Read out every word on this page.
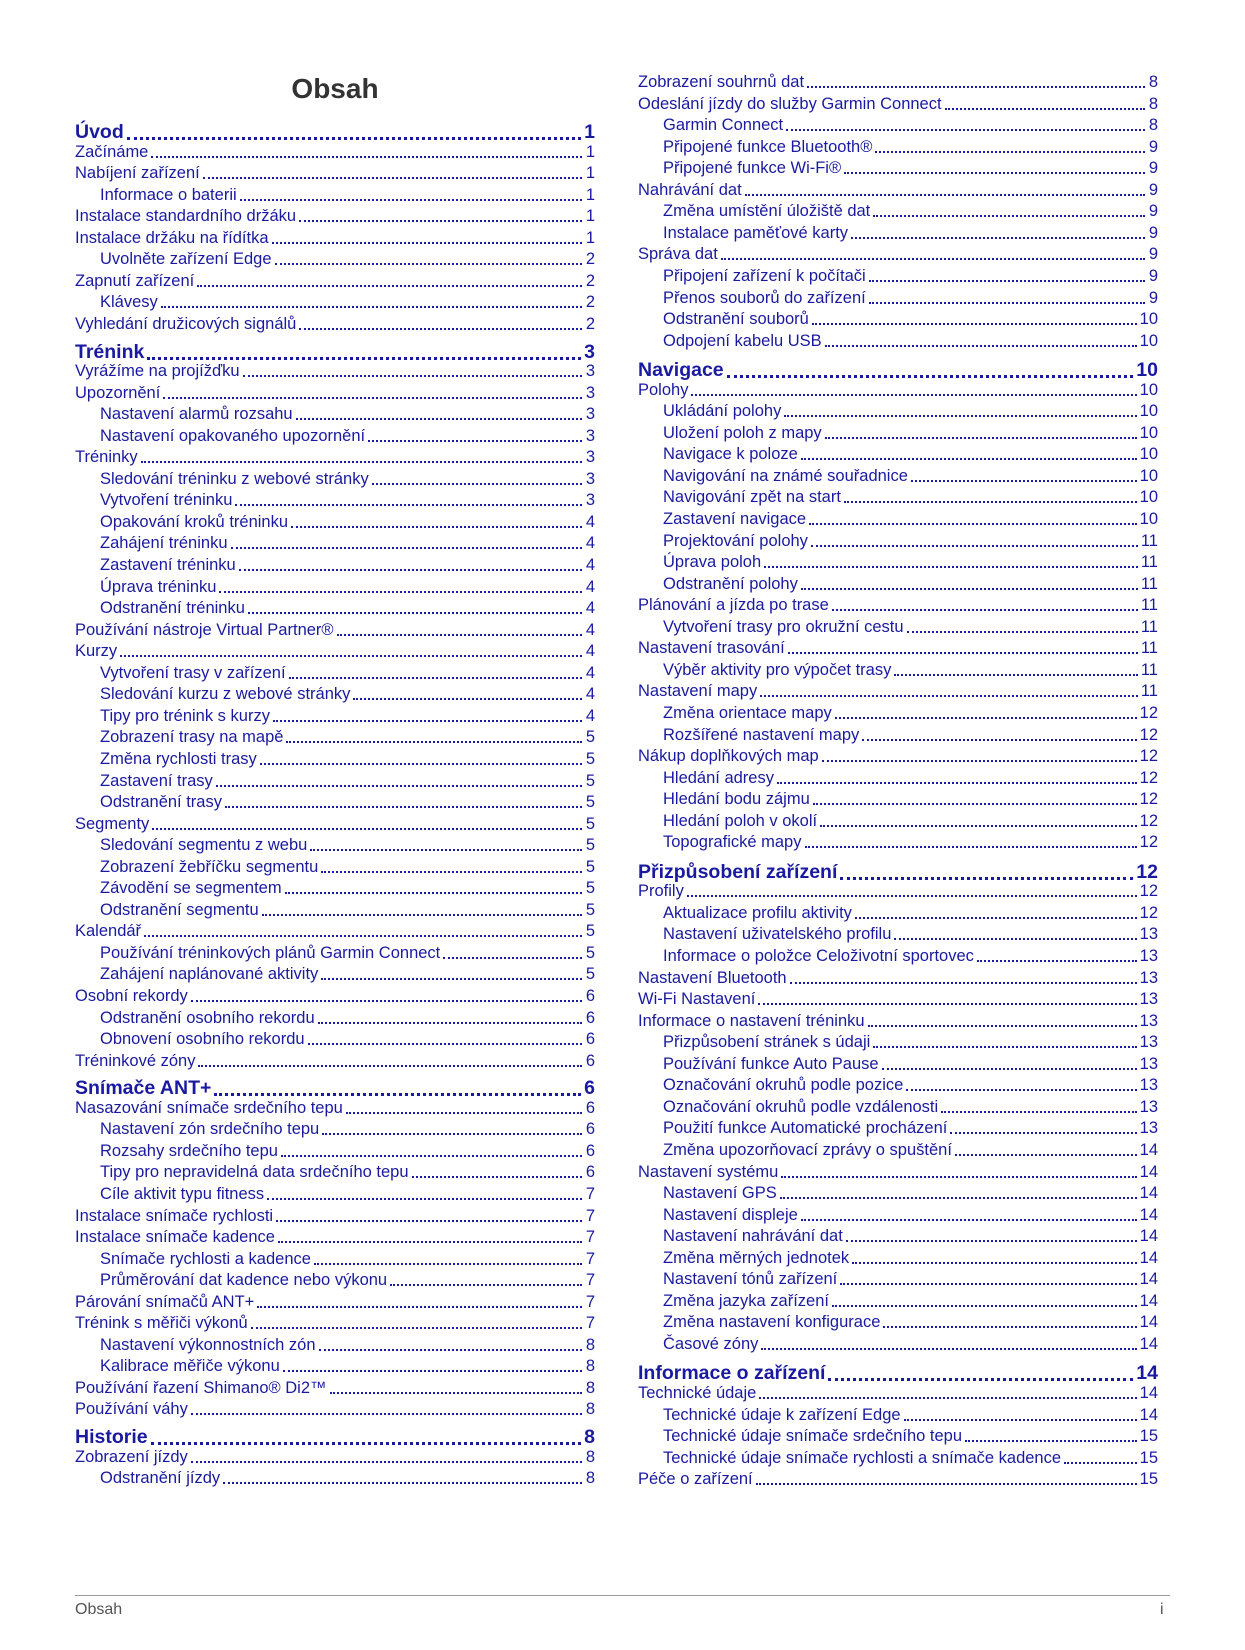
Obsah
Úvod	1
Začínáme	1
Nabíjení zařízení	1
Informace o baterii	1
Instalace standardního držáku	1
Instalace držáku na řídítka	1
Uvolněte zařízení Edge	2
Zapnutí zařízení	2
Klávesy	2
Vyhledání družicových signálů	2
Trénink	3
Vyrážíme na projížďku	3
Upozornění	3
Nastavení alarmů rozsahu	3
Nastavení opakovaného upozornění	3
Tréninky	3
Sledování tréninku z webové stránky	3
Vytvoření tréninku	3
Opakování kroků tréninku	4
Zahájení tréninku	4
Zastavení tréninku	4
Úprava tréninku	4
Odstranění tréninku	4
Používání nástroje Virtual Partner®	4
Kurzy	4
Vytvoření trasy v zařízení	4
Sledování kurzu z webové stránky	4
Tipy pro trénink s kurzy	4
Zobrazení trasy na mapě	5
Změna rychlosti trasy	5
Zastavení trasy	5
Odstranění trasy	5
Segmenty	5
Sledování segmentu z webu	5
Zobrazení žebříčku segmentu	5
Závodění se segmentem	5
Odstranění segmentu	5
Kalendář	5
Používání tréninkových plánů Garmin Connect	5
Zahájení naplánované aktivity	5
Osobní rekordy	6
Odstranění osobního rekordu	6
Obnovení osobního rekordu	6
Tréninkové zóny	6
Snímače ANT+	6
Nasazování snímače srdečního tepu	6
Nastavení zón srdečního tepu	6
Rozsahy srdečního tepu	6
Tipy pro nepravidelná data srdečního tepu	6
Cíle aktivit typu fitness	7
Instalace snímače rychlosti	7
Instalace snímače kadence	7
Snímače rychlosti a kadence	7
Průměrování dat kadence nebo výkonu	7
Párování snímačů ANT+	7
Trénink s měřiči výkonů	7
Nastavení výkonnostních zón	8
Kalibrace měřiče výkonu	8
Používání řazení Shimano® Di2™	8
Používání váhy	8
Historie	8
Zobrazení jízdy	8
Odstranění jízdy	8
Zobrazení souhrnů dat	8
Odeslání jízdy do služby Garmin Connect	8
Garmin Connect	8
Připojené funkce Bluetooth®	9
Připojené funkce Wi‑Fi®	9
Nahrávání dat	9
Změna umístění úložiště dat	9
Instalace paměťové karty	9
Správa dat	9
Připojení zařízení k počítači	9
Přenos souborů do zařízení	9
Odstranění souborů	10
Odpojení kabelu USB	10
Navigace	10
Polohy	10
Ukládání polohy	10
Uložení poloh z mapy	10
Navigace k poloze	10
Navigování na známé souřadnice	10
Navigování zpět na start	10
Zastavení navigace	10
Projektování polohy	11
Úprava poloh	11
Odstranění polohy	11
Plánování a jízda po trase	11
Vytvoření trasy pro okružní cestu	11
Nastavení trasování	11
Výběr aktivity pro výpočet trasy	11
Nastavení mapy	11
Změna orientace mapy	12
Rozšířené nastavení mapy	12
Nákup doplňkových map	12
Hledání adresy	12
Hledání bodu zájmu	12
Hledání poloh v okolí	12
Topografické mapy	12
Přizpůsobení zařízení	12
Profily	12
Aktualizace profilu aktivity	12
Nastavení uživatelského profilu	13
Informace o položce Celoživotní sportovec	13
Nastavení Bluetooth	13
Wi‑Fi Nastavení	13
Informace o nastavení tréninku	13
Přizpůsobení stránek s údaji	13
Používání funkce Auto Pause	13
Označování okruhů podle pozice	13
Označování okruhů podle vzdálenosti	13
Použití funkce Automatické procházení	13
Změna upozorňovací zprávy o spuštění	14
Nastavení systému	14
Nastavení GPS	14
Nastavení displeje	14
Nastavení nahrávání dat	14
Změna měrných jednotek	14
Nastavení tónů zařízení	14
Změna jazyka zařízení	14
Změna nastavení konfigurace	14
Časové zóny	14
Informace o zařízení	14
Technické údaje	14
Technické údaje k zařízení Edge	14
Technické údaje snímače srdečního tepu	15
Technické údaje snímače rychlosti a snímače kadence	15
Péče o zařízení	15
Obsah	i
